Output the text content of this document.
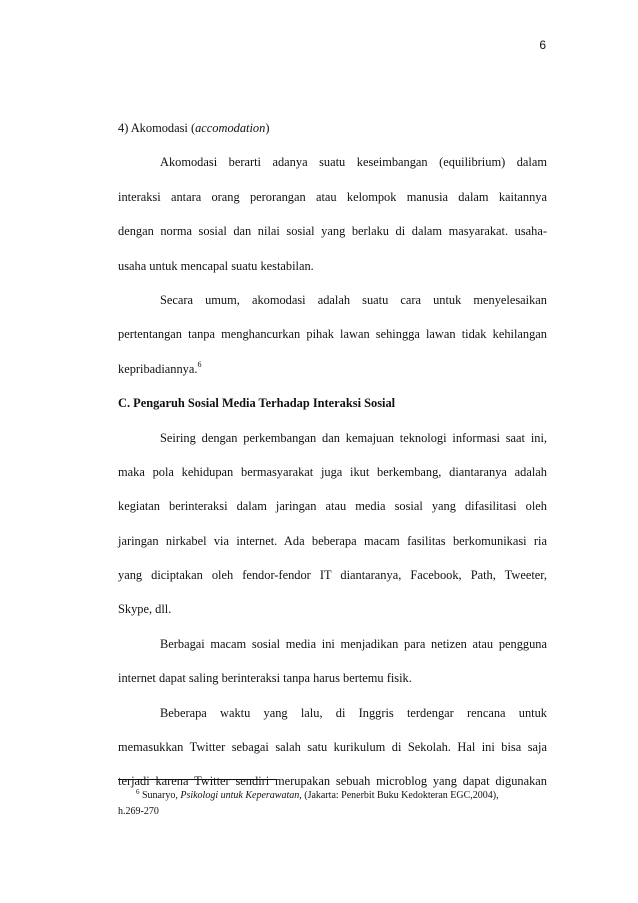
6
4) Akomodasi (accomodation)
Akomodasi berarti adanya suatu keseimbangan (equilibrium) dalam
interaksi antara orang perorangan atau kelompok manusia dalam kaitannya
dengan norma sosial dan nilai sosial yang berlaku di dalam masyarakat. usaha-
usaha untuk mencapal suatu kestabilan.
Secara umum, akomodasi adalah suatu cara untuk menyelesaikan
pertentangan tanpa menghancurkan pihak lawan sehingga lawan tidak kehilangan
kepribadiannya.$^6$
C. Pengaruh Sosial Media Terhadap Interaksi Sosial
Seiring dengan perkembangan dan kemajuan teknologi informasi saat ini,
maka pola kehidupan bermasyarakat juga ikut berkembang, diantaranya adalah
kegiatan berinteraksi dalam jaringan atau media sosial yang difasilitasi oleh
jaringan nirkabel via internet. Ada beberapa macam fasilitas berkomunikasi ria
yang diciptakan oleh fendor-fendor IT diantaranya, Facebook, Path, Tweeter,
Skype, dll.
Berbagai macam sosial media ini menjadikan para netizen atau pengguna
internet dapat saling berinteraksi tanpa harus bertemu fisik.
Beberapa waktu yang lalu, di Inggris terdengar rencana untuk
memasukkan Twitter sebagai salah satu kurikulum di Sekolah. Hal ini bisa saja
terjadi karena Twitter sendiri merupakan sebuah microblog yang dapat digunakan
$^6$ Sunaryo, Psikologi untuk Keperawatan, (Jakarta: Penerbit Buku Kedokteran EGC,2004),
h.269-270
